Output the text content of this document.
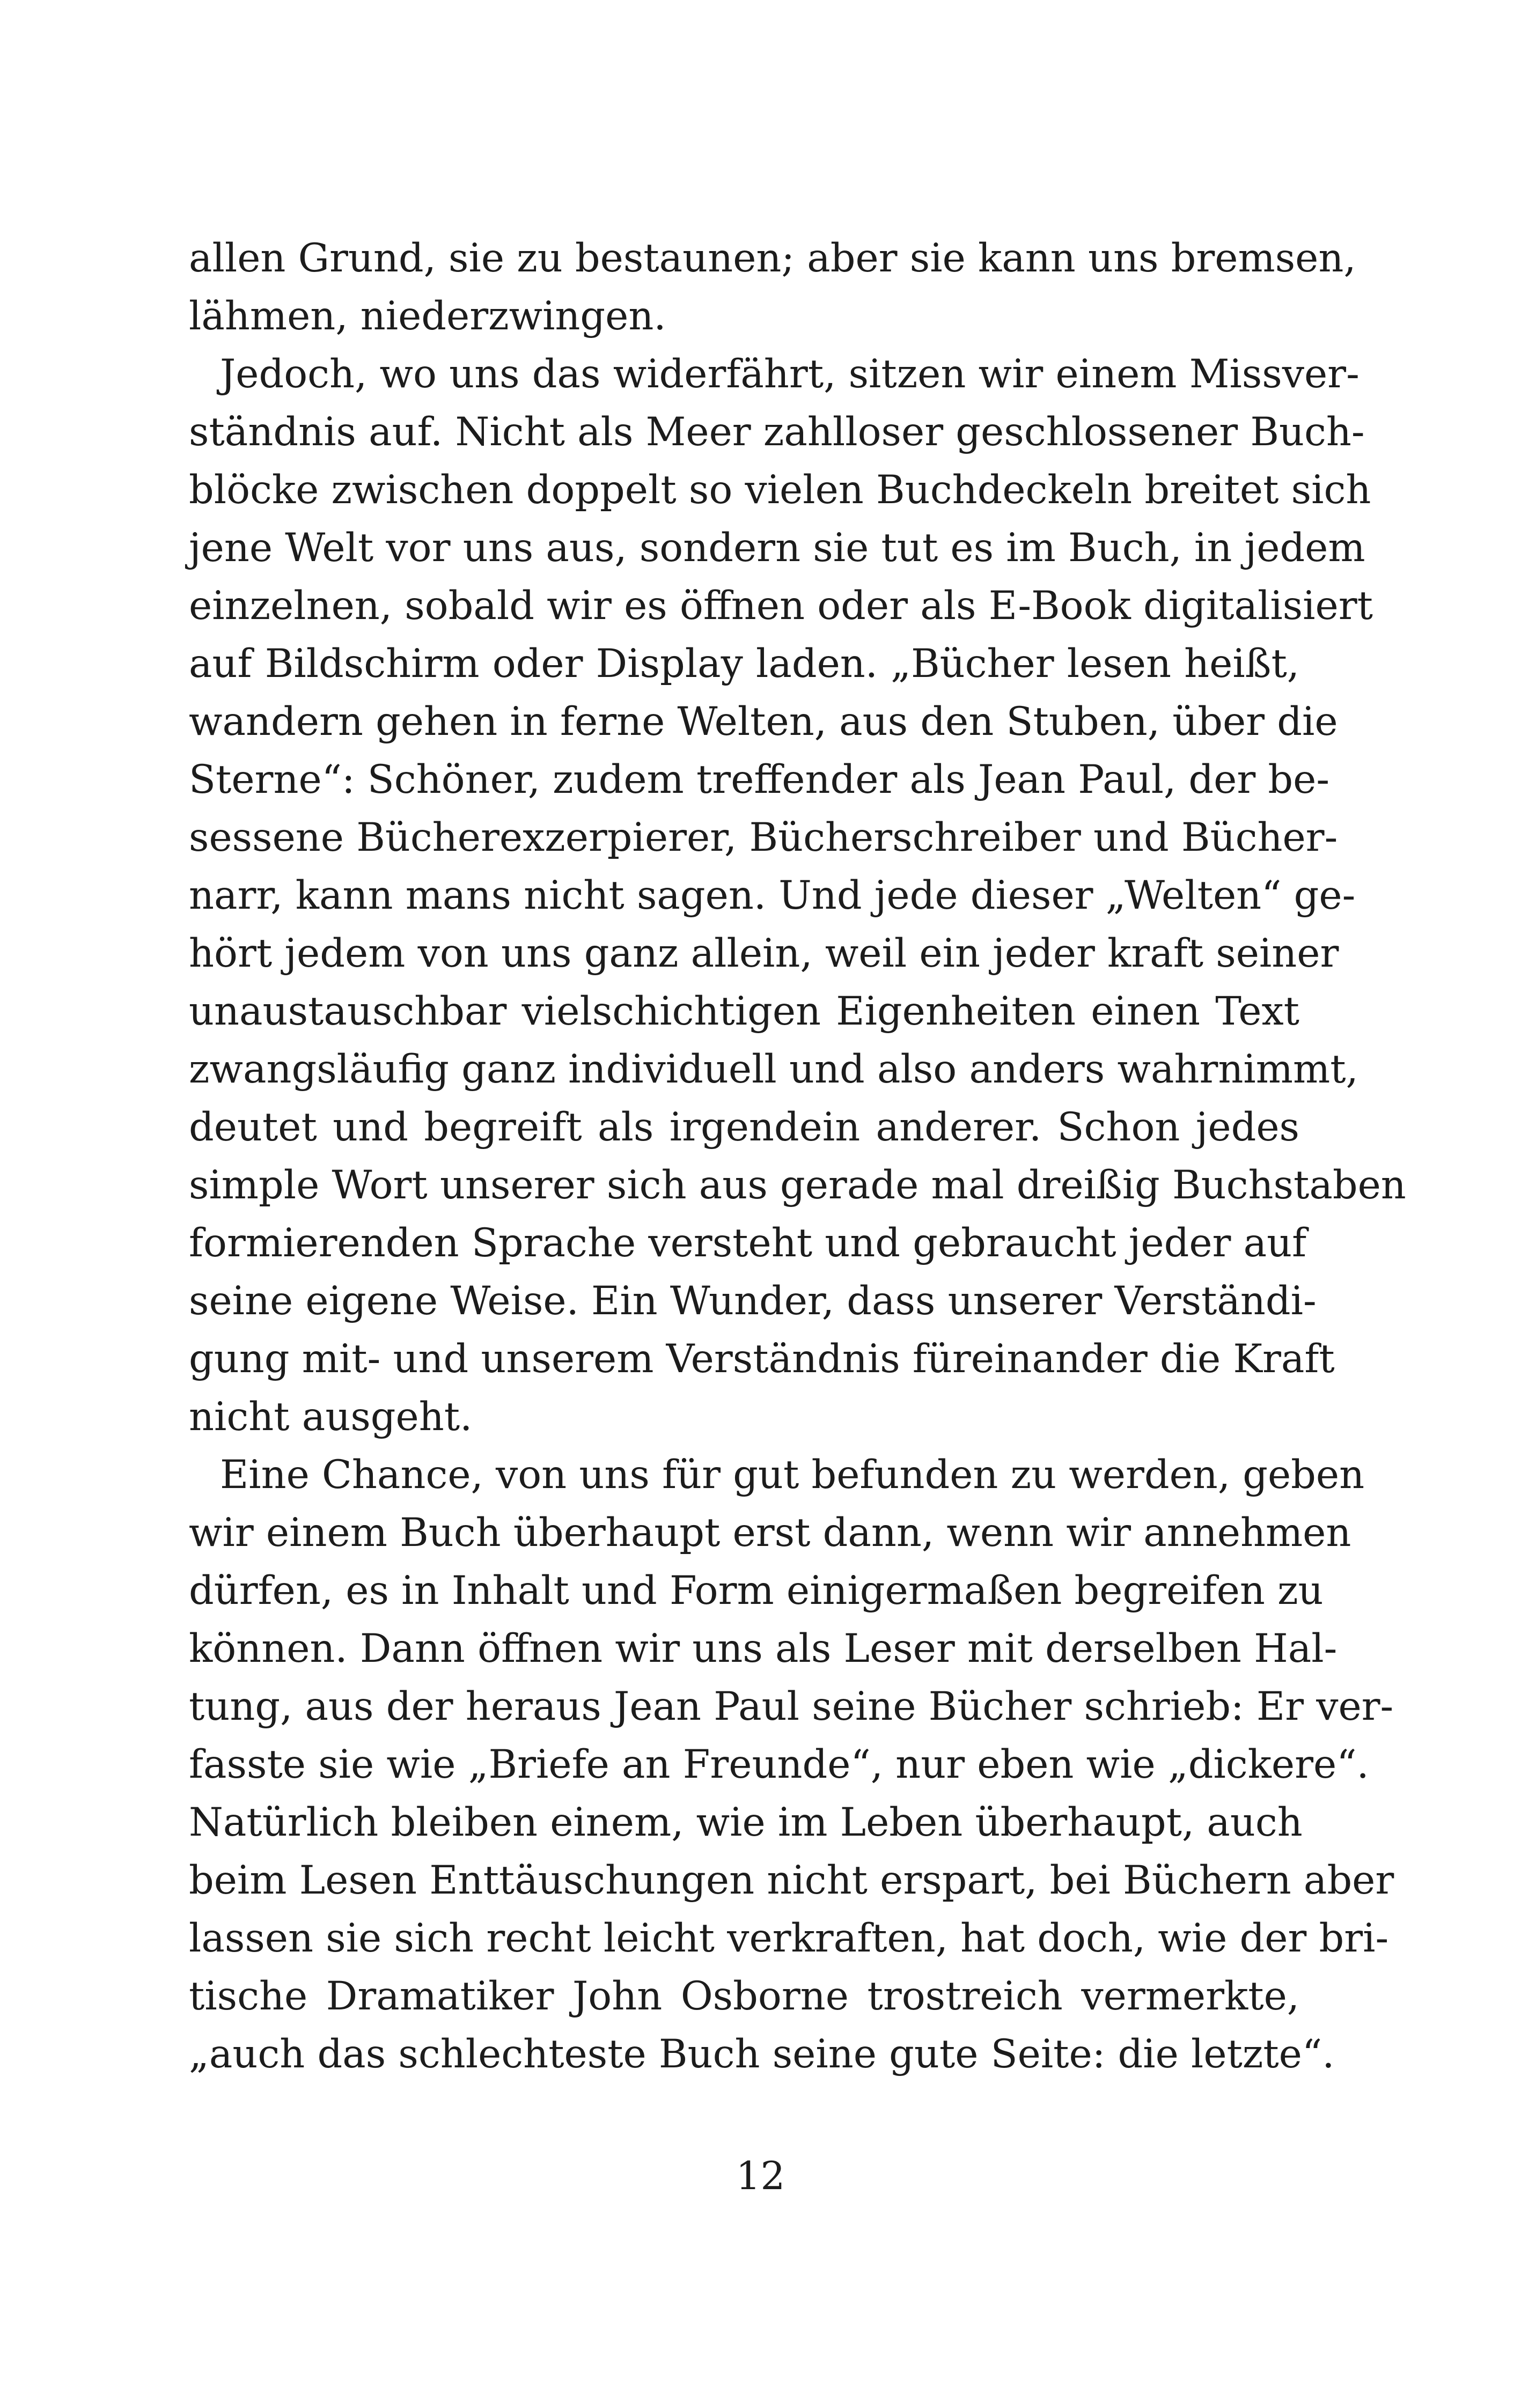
allen Grund, sie zu bestaunen; aber sie kann uns bremsen,
lähmen, niederzwingen.
Jedoch, wo uns das widerfährt, sitzen wir einem Missver-
ständnis auf. Nicht als Meer zahlloser geschlossener Buch-
blöcke zwischen doppelt so vielen Buchdeckeln breitet sich
jene Welt vor uns aus, sondern sie tut es im Buch, in jedem
einzelnen, sobald wir es öffnen oder als E-Book digitalisiert
auf Bildschirm oder Display laden. „Bücher lesen heißt,
wandern gehen in ferne Welten, aus den Stuben, über die
Sterne“: Schöner, zudem treffender als Jean Paul, der be-
sessene Bücherexzerpierer, Bücherschreiber und Bücher-
narr, kann mans nicht sagen. Und jede dieser „Welten“ ge-
hört jedem von uns ganz allein, weil ein jeder kraft seiner
unaustauschbar vielschichtigen Eigenheiten einen Text
zwangsläufig ganz individuell und also anders wahrnimmt,
deutet und begreift als irgendein anderer. Schon jedes
simple Wort unserer sich aus gerade mal dreißig Buchstaben
formierenden Sprache versteht und gebraucht jeder auf
seine eigene Weise. Ein Wunder, dass unserer Verständi-
gung mit- und unserem Verständnis füreinander die Kraft
nicht ausgeht.
Eine Chance, von uns für gut befunden zu werden, geben
wir einem Buch überhaupt erst dann, wenn wir annehmen
dürfen, es in Inhalt und Form einigermaßen begreifen zu
können. Dann öffnen wir uns als Leser mit derselben Hal-
tung, aus der heraus Jean Paul seine Bücher schrieb: Er ver-
fasste sie wie „Briefe an Freunde“, nur eben wie „dickere“.
Natürlich bleiben einem, wie im Leben überhaupt, auch
beim Lesen Enttäuschungen nicht erspart, bei Büchern aber
lassen sie sich recht leicht verkraften, hat doch, wie der bri-
tische Dramatiker John Osborne trostreich vermerkte,
„auch das schlechteste Buch seine gute Seite: die letzte“.
12
